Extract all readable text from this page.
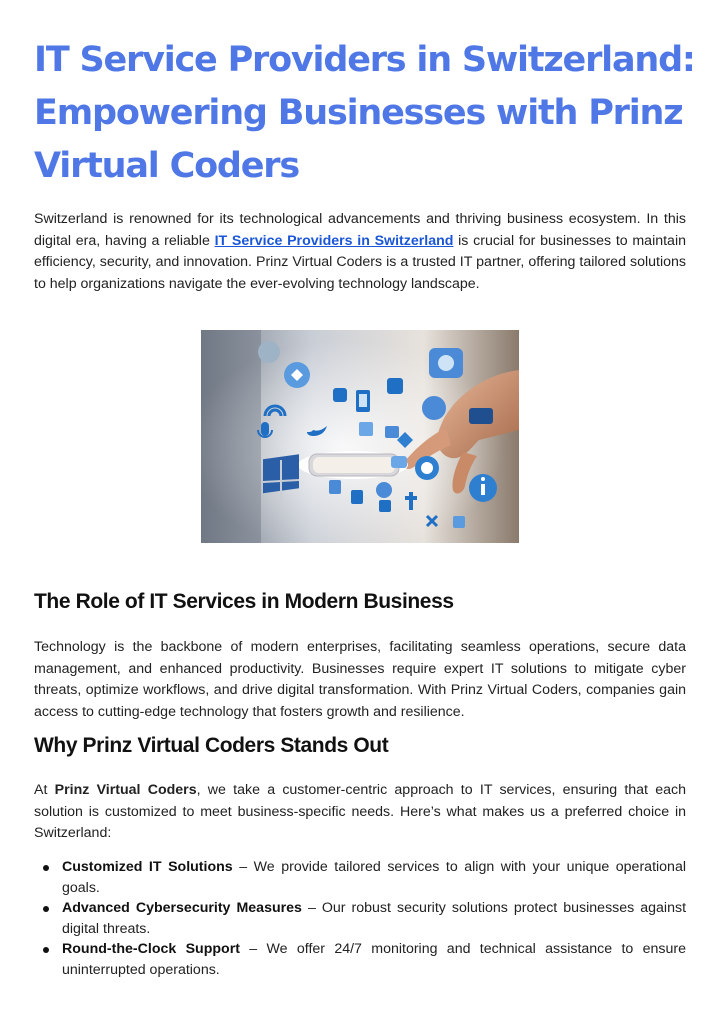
IT Service Providers in Switzerland:
Empowering Businesses with Prinz
Virtual Coders

Switzerland is renowned for its technological advancements and thriving business ecosystem. In this digital era, having a reliable IT Service Providers in Switzerland is crucial for businesses to maintain efficiency, security, and innovation. Prinz Virtual Coders is a trusted IT partner, offering tailored solutions to help organizations navigate the ever-evolving technology landscape.

The Role of IT Services in Modern Business

Technology is the backbone of modern enterprises, facilitating seamless operations, secure data management, and enhanced productivity. Businesses require expert IT solutions to mitigate cyber threats, optimize workflows, and drive digital transformation. With Prinz Virtual Coders, companies gain access to cutting-edge technology that fosters growth and resilience.

Why Prinz Virtual Coders Stands Out

At Prinz Virtual Coders, we take a customer-centric approach to IT services, ensuring that each solution is customized to meet business-specific needs. Here’s what makes us a preferred choice in Switzerland:

Customized IT Solutions – We provide tailored services to align with your unique operational goals.
Advanced Cybersecurity Measures – Our robust security solutions protect businesses against digital threats.
Round-the-Clock Support – We offer 24/7 monitoring and technical assistance to ensure uninterrupted operations.
